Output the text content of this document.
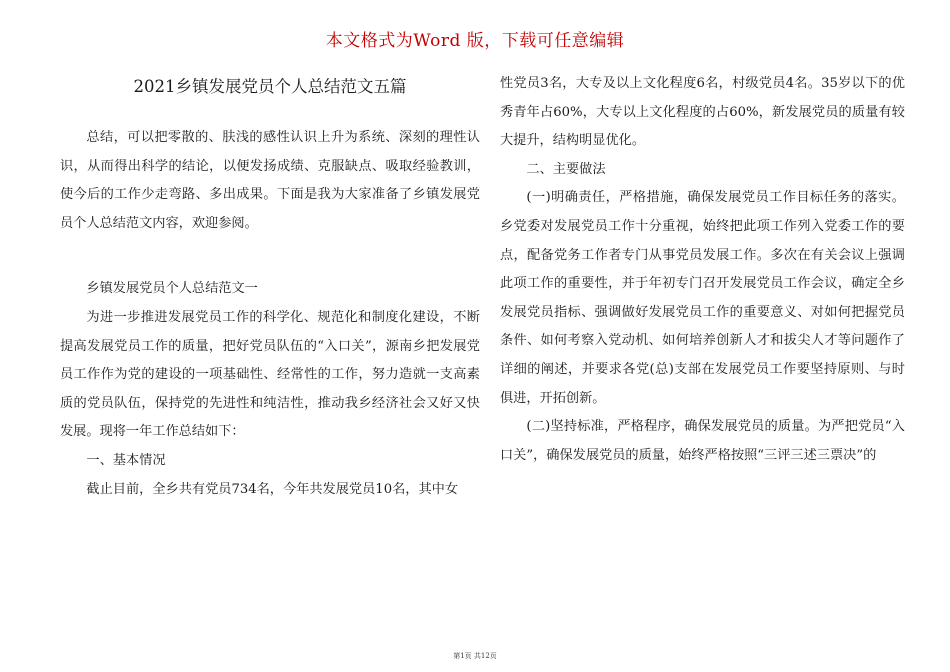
本文格式为Word 版，下载可任意编辑
2021乡镇发展党员个人总结范文五篇

总结，可以把零散的、肤浅的感性认识上升为系统、深刻的理性认识，从而得出科学的结论，以便发扬成绩、克服缺点、吸取经验教训，使今后的工作少走弯路、多出成果。下面是我为大家准备了乡镇发展党员个人总结范文内容，欢迎参阅。

乡镇发展党员个人总结范文一

为进一步推进发展党员工作的科学化、规范化和制度化建设，不断提高发展党员工作的质量，把好党员队伍的“入口关”，源南乡把发展党员工作作为党的建设的一项基础性、经常性的工作，努力造就一支高素质的党员队伍，保持党的先进性和纯洁性，推动我乡经济社会又好又快发展。现将一年工作总结如下：

一、基本情况

截止目前，全乡共有党员734名，今年共发展党员10名，其中女

性党员3名，大专及以上文化程度6名，村级党员4名。35岁以下的优秀青年占60%，大专以上文化程度的占60%，新发展党员的质量有较大提升，结构明显优化。

二、主要做法

(一)明确责任，严格措施，确保发展党员工作目标任务的落实。乡党委对发展党员工作十分重视，始终把此项工作列入党委工作的要点，配备党务工作者专门从事党员发展工作。多次在有关会议上强调此项工作的重要性，并于年初专门召开发展党员工作会议，确定全乡发展党员指标、强调做好发展党员工作的重要意义、对如何把握党员条件、如何考察入党动机、如何培养创新人才和拔尖人才等问题作了详细的阐述，并要求各党(总)支部在发展党员工作要坚持原则、与时俱进，开拓创新。

(二)坚持标准，严格程序，确保发展党员的质量。为严把党员“入口关”，确保发展党员的质量，始终严格按照“三评三述三票决”的

第1页 共12页
